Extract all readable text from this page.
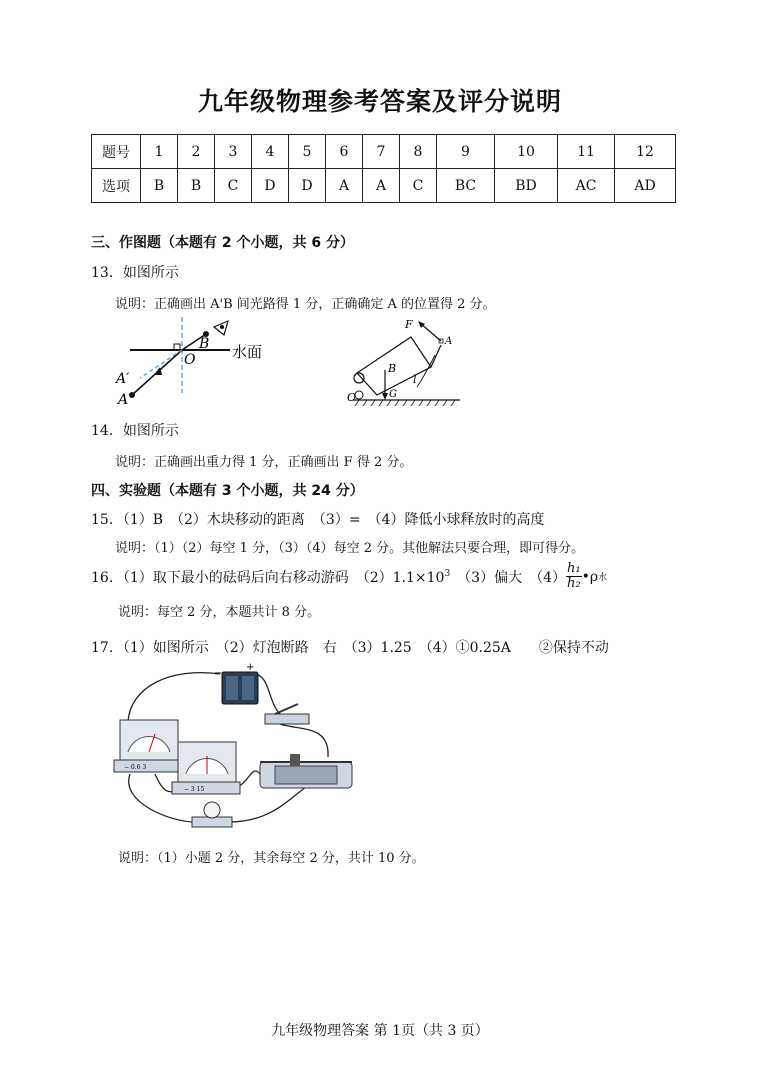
九年级物理参考答案及评分说明
题号	1	2	3	4	5	6	7	8	9	10	11	12
选项	B	B	C	D	D	A	A	C	BC	BD	AC	AD
三、作图题（本题有 2 个小题，共 6 分）
13．如图所示
说明：正确画出 A'B 间光路得 1 分，正确确定 A 的位置得 2 分。
B
O 水面
A′
A
F
A
B
G
l
O
14．如图所示
说明：正确画出重力得 1 分，正确画出 F 得 2 分。
四、实验题（本题有 3 个小题，共 24 分）
15．（1）B　（2）木块移动的距离　（3）=　（4）降低小球释放时的高度
说明：（1）（2）每空 1 分，（3）（4）每空 2 分。其他解法只要合理，即可得分。
16．（1）取下最小的砝码后向右移动游码　$(2)1.1\times 10^3$ 　（3）偏大　$(4) \frac{\text{h₁}}{\text{h₂}}$ •ρ 水
说明：每空 2 分，本题共计 8 分。
17．（1）如图所示　（2）灯泡断路　右　（3）1.25　（4）①0.25A　　②保持不动
−
+
− 0.6 3
− 3 15
说明：（1）小题 2 分，其余每空 2 分，共计 10 分。
九年级物理答案 第 1页（共 3 页）
